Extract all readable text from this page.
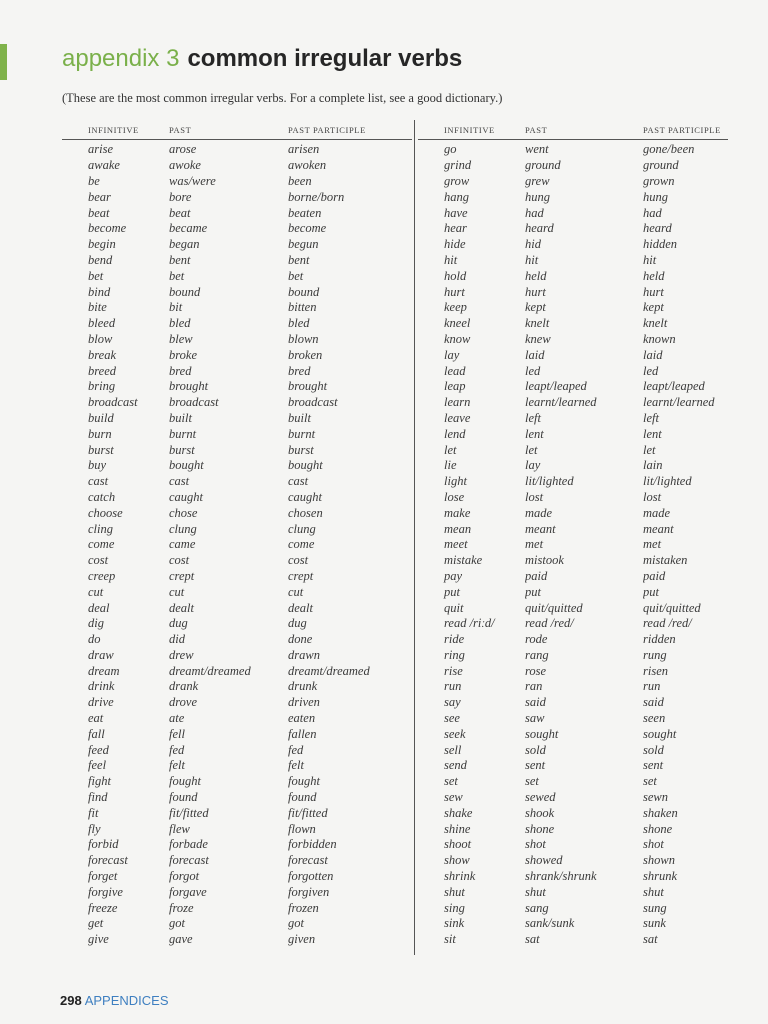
appendix 3 common irregular verbs
(These are the most common irregular verbs. For a complete list, see a good dictionary.)
INFINITIVE	PAST	PAST PARTICIPLE
arise	arose	arisen
awake	awoke	awoken
be	was/were	been
bear	bore	borne/born
beat	beat	beaten
become	became	become
begin	began	begun
bend	bent	bent
bet	bet	bet
bind	bound	bound
bite	bit	bitten
bleed	bled	bled
blow	blew	blown
break	broke	broken
breed	bred	bred
bring	brought	brought
broadcast	broadcast	broadcast
build	built	built
burn	burnt	burnt
burst	burst	burst
buy	bought	bought
cast	cast	cast
catch	caught	caught
choose	chose	chosen
cling	clung	clung
come	came	come
cost	cost	cost
creep	crept	crept
cut	cut	cut
deal	dealt	dealt
dig	dug	dug
do	did	done
draw	drew	drawn
dream	dreamt/dreamed	dreamt/dreamed
drink	drank	drunk
drive	drove	driven
eat	ate	eaten
fall	fell	fallen
feed	fed	fed
feel	felt	felt
fight	fought	fought
find	found	found
fit	fit/fitted	fit/fitted
fly	flew	flown
forbid	forbade	forbidden
forecast	forecast	forecast
forget	forgot	forgotten
forgive	forgave	forgiven
freeze	froze	frozen
get	got	got
give	gave	given
INFINITIVE	PAST	PAST PARTICIPLE
go	went	gone/been
grind	ground	ground
grow	grew	grown
hang	hung	hung
have	had	had
hear	heard	heard
hide	hid	hidden
hit	hit	hit
hold	held	held
hurt	hurt	hurt
keep	kept	kept
kneel	knelt	knelt
know	knew	known
lay	laid	laid
lead	led	led
leap	leapt/leaped	leapt/leaped
learn	learnt/learned	learnt/learned
leave	left	left
lend	lent	lent
let	let	let
lie	lay	lain
light	lit/lighted	lit/lighted
lose	lost	lost
make	made	made
mean	meant	meant
meet	met	met
mistake	mistook	mistaken
pay	paid	paid
put	put	put
quit	quit/quitted	quit/quitted
read /riːd/	read /red/	read /red/
ride	rode	ridden
ring	rang	rung
rise	rose	risen
run	ran	run
say	said	said
see	saw	seen
seek	sought	sought
sell	sold	sold
send	sent	sent
set	set	set
sew	sewed	sewn
shake	shook	shaken
shine	shone	shone
shoot	shot	shot
show	showed	shown
shrink	shrank/shrunk	shrunk
shut	shut	shut
sing	sang	sung
sink	sank/sunk	sunk
sit	sat	sat
298 APPENDICES
